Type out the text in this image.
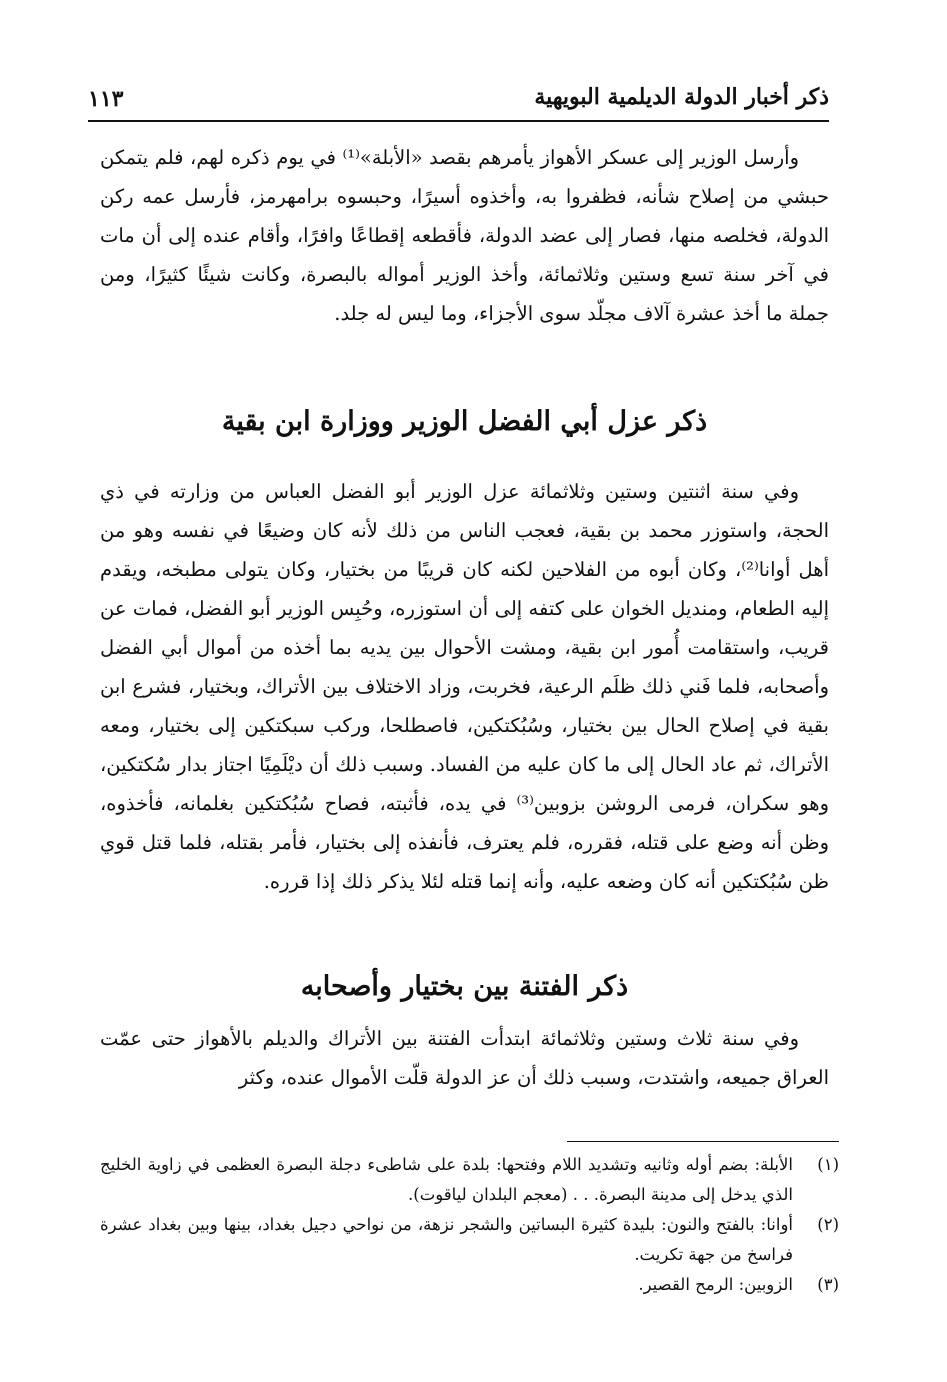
ذكر أخبار الدولة الديلمية البويهية
١١٣

وأرسل الوزير إلى عسكر الأهواز يأمرهم بقصد «الأبلة»⁽¹⁾ في يوم ذكره لهم، فلم يتمكن حبشي من إصلاح شأنه، فظفروا به، وأخذوه أسيرًا، وحبسوه برامهرمز، فأرسل عمه ركن الدولة، فخلصه منها، فصار إلى عضد الدولة، فأقطعه إقطاعًا وافرًا، وأقام عنده إلى أن مات في آخر سنة تسع وستين وثلاثمائة، وأخذ الوزير أمواله بالبصرة، وكانت شيئًا كثيرًا، ومن جملة ما أخذ عشرة آلاف مجلّد سوى الأجزاء، وما ليس له جلد.

ذكر عزل أبي الفضل الوزير ووزارة ابن بقية

وفي سنة اثنتين وستين وثلاثمائة عزل الوزير أبو الفضل العباس من وزارته في ذي الحجة، واستوزر محمد بن بقية، فعجب الناس من ذلك لأنه كان وضيعًا في نفسه وهو من أهل أوانا⁽²⁾، وكان أبوه من الفلاحين لكنه كان قريبًا من بختيار، وكان يتولى مطبخه، ويقدم إليه الطعام، ومنديل الخوان على كتفه إلى أن استوزره، وحُبِس الوزير أبو الفضل، فمات عن قريب، واستقامت أُمور ابن بقية، ومشت الأحوال بين يديه بما أخذه من أموال أبي الفضل وأصحابه، فلما فَني ذلك ظلَم الرعية، فخربت، وزاد الاختلاف بين الأتراك، وبختيار، فشرع ابن بقية في إصلاح الحال بين بختيار، وسُبُكتكين، فاصطلحا، وركب سبكتكين إلى بختيار، ومعه الأتراك، ثم عاد الحال إلى ما كان عليه من الفساد. وسبب ذلك أن ديْلَمِيًا اجتاز بدار سُكتكين، وهو سكران، فرمى الروشن بزوبين⁽³⁾ في يده، فأثبته، فصاح سُبُكتكين بغلمانه، فأخذوه، وظن أنه وضع على قتله، فقرره، فلم يعترف، فأنفذه إلى بختيار، فأمر بقتله، فلما قتل قوي ظن سُبُكتكين أنه كان وضعه عليه، وأنه إنما قتله لئلا يذكر ذلك إذا قرره.

ذكر الفتنة بين بختيار وأصحابه

وفي سنة ثلاث وستين وثلاثمائة ابتدأت الفتنة بين الأتراك والديلم بالأهواز حتى عمّت العراق جميعه، واشتدت، وسبب ذلك أن عز الدولة قلّت الأموال عنده، وكثر

(١)
الأبلة: بضم أوله وثانيه وتشديد اللام وفتحها: بلدة على شاطىء دجلة البصرة العظمى في زاوية الخليج الذي يدخل إلى مدينة البصرة. . . (معجم البلدان لياقوت).
(٢)
أوانا: بالفتح والنون: بليدة كثيرة البساتين والشجر نزهة، من نواحي دجيل بغداد، بينها وبين بغداد عشرة فراسخ من جهة تكريت.
(٣)
الزوبين: الرمح القصير.
